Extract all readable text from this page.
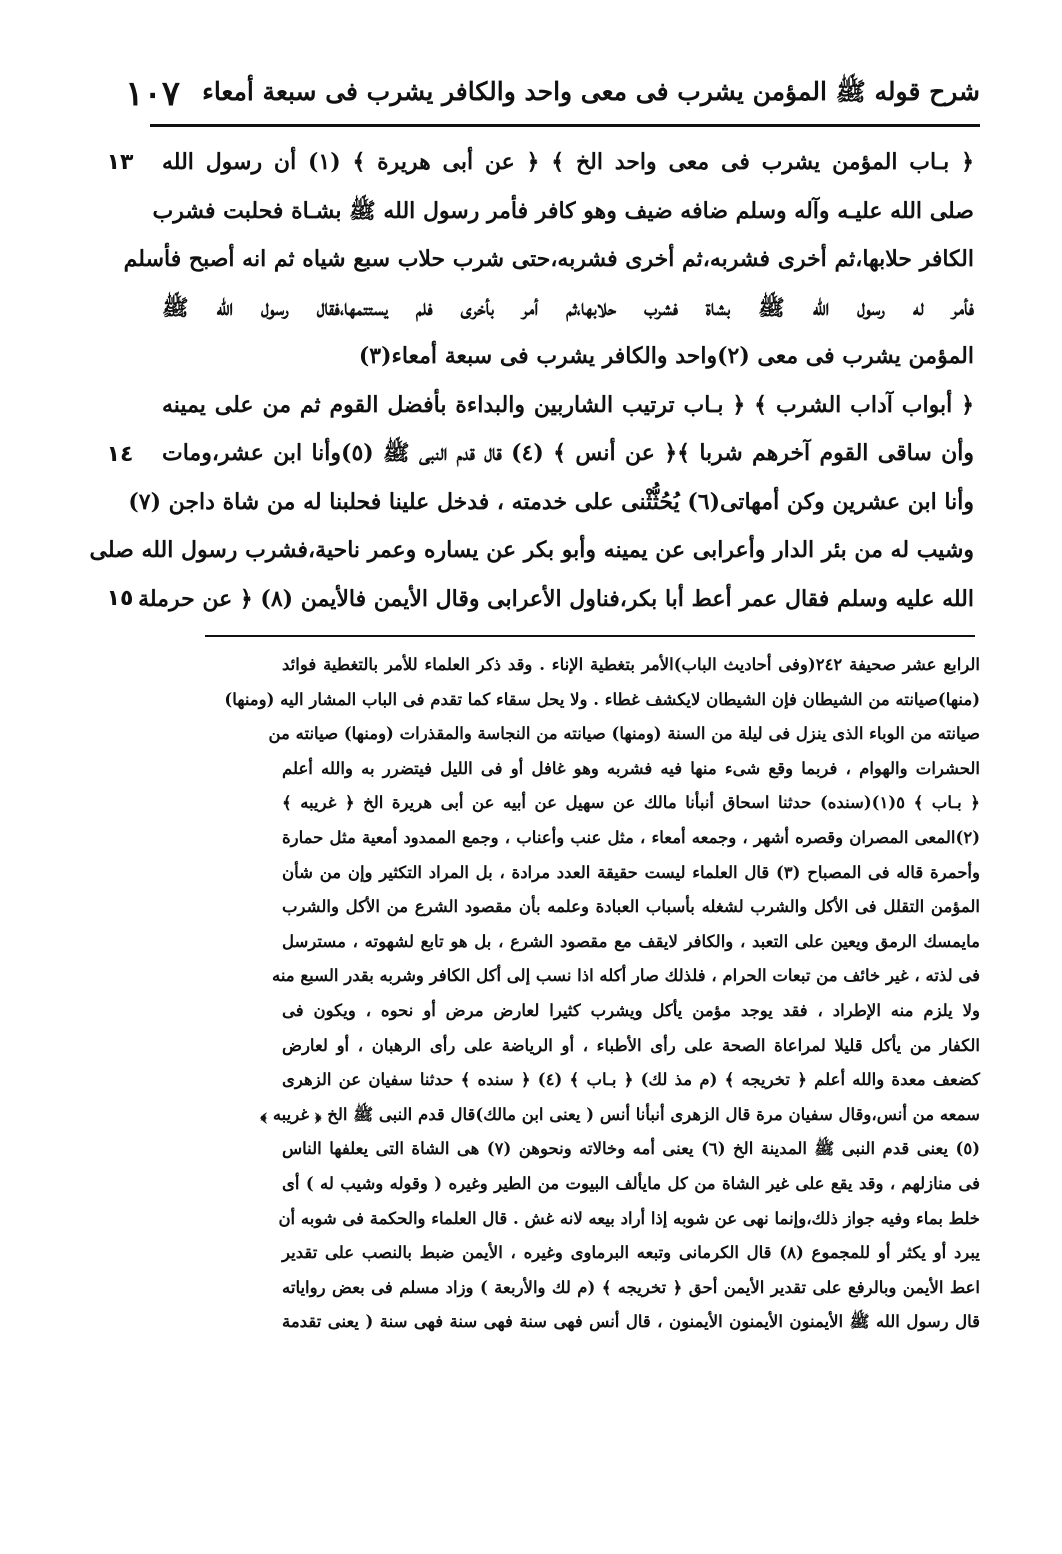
شرح قوله ﷺ المؤمن يشرب فى معى واحد والكافر يشرب فى سبعة أمعاء
١٠٧
﴿ بـاب المؤمن يشرب فى معى واحد الخ ﴾ ﴿ عن أبى هريرة ﴾ (١) أن رسول الله
صلى الله عليـه وآله وسلم ضافه ضيف وهو كافر فأمر رسول الله ﷺ بشـاة فحلبت فشرب
الكافر حلابها،ثم أخرى فشربه،ثم أخرى فشربه،حتى شرب حلاب سبع شياه ثم انه أصبح فأسلم
فأمر له رسول الله ﷺ بشاة فشرب حلابها،ثم أمر بأخرى فلم يستتمها،فقال رسول الله ﷺ
المؤمن يشرب فى معى (٢)واحد والكافر يشرب فى سبعة أمعاء(٣)
﴿ أبواب آداب الشرب ﴾ ﴿ بـاب ترتيب الشاربين والبداءة بأفضل القوم ثم من على يمينه
وأن ساقى القوم آخرهم شربا ﴾﴿ عن أنس ﴾ (٤) قال قدم النبى ﷺ (٥)وأنا ابن عشر،ومات
وأنا ابن عشرين وكن أمهاتى(٦) يُحُثُّثْنى على خدمته ، فدخل علينا فحلبنا له من شاة داجن (٧)
وشيب له من بئر الدار وأعرابى عن يمينه وأبو بكر عن يساره وعمر ناحية،فشرب رسول الله صلى
الله عليه وسلم فقال عمر أعط أبا بكر،فناول الأعرابى وقال الأيمن فالأيمن (٨) ﴿ عن حرملة
١٣
١٤
١٥
الرابع عشر صحيفة ٢٤٢(وفى أحاديث الباب)الأمر بتغطية الإناء . وقد ذكر العلماء للأمر بالتغطية فوائد
(منها)صيانته من الشيطان فإن الشيطان لايكشف غطاء . ولا يحل سقاء كما تقدم فى الباب المشار اليه (ومنها)
صيانته من الوباء الذى ينزل فى ليلة من السنة (ومنها) صيانته من النجاسة والمقذرات (ومنها) صيانته من
الحشرات والهوام ، فربما وقع شىء منها فيه فشربه وهو غافل أو فى الليل فيتضرر به والله أعلم
﴿ بـاب ﴾ ٥(١)(سنده) حدثنا اسحاق أنبأنا مالك عن سهيل عن أبيه عن أبى هريرة الخ ﴿ غريبه ﴾
(٢)المعى المصران وقصره أشهر ، وجمعه أمعاء ، مثل عنب وأعناب ، وجمع الممدود أمعية مثل حمارة
وأحمرة قاله فى المصباح (٣) قال العلماء ليست حقيقة العدد مرادة ، بل المراد التكثير وإن من شأن
المؤمن التقلل فى الأكل والشرب لشغله بأسباب العبادة وعلمه بأن مقصود الشرع من الأكل والشرب
مايمسك الرمق ويعين على التعبد ، والكافر لايقف مع مقصود الشرع ، بل هو تابع لشهوته ، مسترسل
فى لذته ، غير خائف من تبعات الحرام ، فلذلك صار أكله اذا نسب إلى أكل الكافر وشربه بقدر السبع منه
ولا يلزم منه الإطراد ، فقد يوجد مؤمن يأكل ويشرب كثيرا لعارض مرض أو نحوه ، ويكون فى
الكفار من يأكل قليلا لمراعاة الصحة على رأى الأطباء ، أو الرياضة على رأى الرهبان ، أو لعارض
كضعف معدة والله أعلم ﴿ تخريجه ﴾ (م مذ لك) ﴿ بـاب ﴾ (٤) ﴿ سنده ﴾ حدثنا سفيان عن الزهرى
سمعه من أنس،وقال سفيان مرة قال الزهرى أنبأنا أنس ( يعنى ابن مالك)قال قدم النبى ﷺ الخ ﴿ غريبه ﴾
(٥) يعنى قدم النبى ﷺ المدينة الخ (٦) يعنى أمه وخالاته ونحوهن (٧) هى الشاة التى يعلفها الناس
فى منازلهم ، وقد يقع على غير الشاة من كل مايألف البيوت من الطير وغيره ( وقوله وشيب له ) أى
خلط بماء وفيه جواز ذلك،وإنما نهى عن شوبه إذا أراد بيعه لانه غش . قال العلماء والحكمة فى شوبه أن
يبرد أو يكثر أو للمجموع (٨) قال الكرمانى وتبعه البرماوى وغيره ، الأيمن ضبط بالنصب على تقدير
اعط الأيمن وبالرفع على تقدير الأيمن أحق ﴿ تخريجه ﴾ (م لك والأربعة ) وزاد مسلم فى بعض رواياته
قال رسول الله ﷺ الأيمنون الأيمنون الأيمنون ، قال أنس فهى سنة فهى سنة فهى سنة ( يعنى تقدمة
